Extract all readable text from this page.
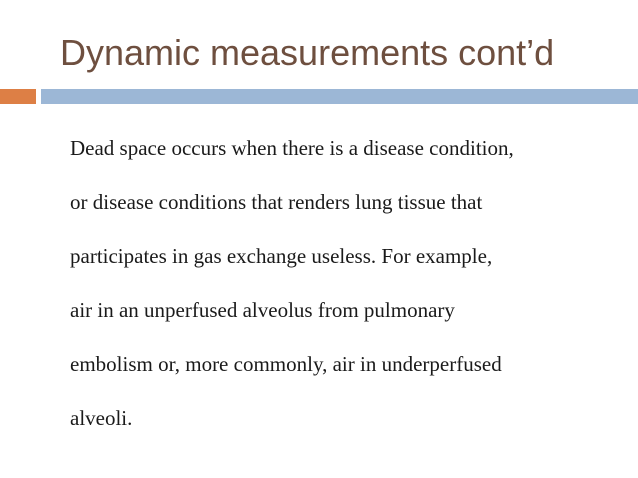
Dynamic measurements cont’d
Dead space occurs when there is a disease condition,
or disease conditions that renders lung tissue that
participates in gas exchange useless. For example,
air in an unperfused alveolus from pulmonary
embolism or, more commonly, air in underperfused
alveoli.
